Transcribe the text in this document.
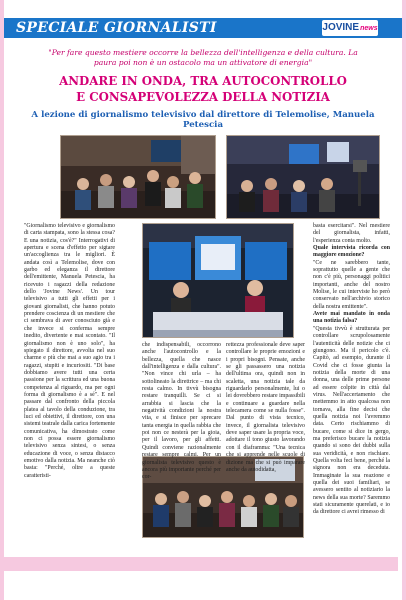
SPECIALE GIORNALISTI	JOVINEnews
"Per fare questo mestiere occorre la bellezza dell'intelligenza e della cultura. La paura poi non è un ostacolo ma un attivatore di energia"
ANDARE IN ONDA, TRA AUTOCONTROLLO
E CONSAPEVOLEZZA DELLA NOTIZIA
A lezione di giornalismo televisivo dal direttore di Telemolise, Manuela Petescia

"Giornalismo televisivo e giornalismo di carta stampata, sono la stessa cosa? E una notizia, cos'è?" Interrogativi di apertura e scena d'effetto per sigtare un'accoglienza tra le migliori. È andata così a Telemolise, dove con garbo ed eleganza il direttore dell'emittente, Manuela Petescia, ha ricevuto i ragazzi della redazione dello 'Jovine News'. Un tour televisivo a tutti gli effetti per i giovani giornalisti, che hanno potuto prendere coscienza di un mestiere che ci sembrava di aver conosciuto già e che invece si conferma sempre inedito, divertente e mai scontato. "Il giornalismo non è uno solo", ha spiegato il direttore, avvolta nel suo charme e più che mai a suo agio tra i ragazzi, stupiti e incuriositi. "Di base dobbiamo avere tutti una certa passione per la scrittura ed una buona competenza al riguardo, ma per ogni forma di giornalismo è a sé". E nel passare dal confronto della piccola platea al tavolo della conduzione, tra luci ed obiettivi, il direttore, con una sistemi teatrale dalla carica fortemente comunicativa, ha dimostrato come non ci possa essere giornalismo televisivo senza sintesi, o senza educazione di voce, o senza distacco emotivo dalla notizia. Ma neanche ciò basta: "Perché, oltre a queste caratteristi-

che indispensabili, occorrono anche l'autocontrollo e la bellezza, quella che nasce dall'intelligenza e dalla cultura". "Non vince chi urla – ha sottolineato la direttrice – ma chi resta calmo. In tivvù bisogna restare tranquilli. Se ci si arrabbia si lascia che la negatività condizioni la nostra vita, e si finisce per sprecare tanta energia in quella rabbia che poi non ce nesterà per la gioia, per il lavoro, per gli affetti. Quindi conviene razionalmente restare sempre calmi. Per un giornalista televisivo questo è ancora più importante perché per cor-

rettezza professionale deve saper controllare le proprie emozioni e i propri bisogni. Pensate, anche se gli passassero una notizia dell'ultima ora, quindi non in scaletta, una notizia tale da riguardarlo personalmente, lui o lei dovrebbero restare impassibili e continuare a guardare nella telecamera come se nulla fosse". Dal punto di vista tecnico, invece, il giornalista televisivo deve saper usare la propria voce, adottare il tono giusto lavorando con il diaframma: "Una tecnica che si apprende nelle scuole di dizione ma che si può imparare anche da autodidatta,

basta esercitarsi". Nel mestiere del giornalista, infatti, l'esperienza conta molto.

Quale intervista ricorda con maggiore emozione?

"Ce ne sarebbero tante, soprattutto quelle a gente che non c'è più, personaggi politici importanti, anche del nostro Molise, le cui interviste ho però conservato nell'archivio storico della nostra emittente".

Avete mai mandato in onda una notizia falsa?

"Questa tivvù è strutturata per controllare scrupolosamente l'autenticità delle notizie che ci giungono. Ma il pericolo c'è. Capitò, ad esempio, durante il Covid che ci fosse giunta la notizia della morte di una donna, una delle prime persone ad essere colpite in città dal virus. Nell'accertamento che mettemmo in atto qualcosa non tornava, alla fine decisi che quella notizia noi l'avremmo data. Certo rischiammo di bucare, come si dice in gergo, ma preferisco bucare la notizia quando si sono dei dubbi sulla sua veridicità, e non rischiare. Quella volta feci bene, perché la signora non era deceduta. Immaginate la sua reazione e quella dei suoi familiari, se avessero sentito al notiziario la news della sua morte? Saremmo stati sicuramente querelati, e io da direttore ci avrei rimesso di
